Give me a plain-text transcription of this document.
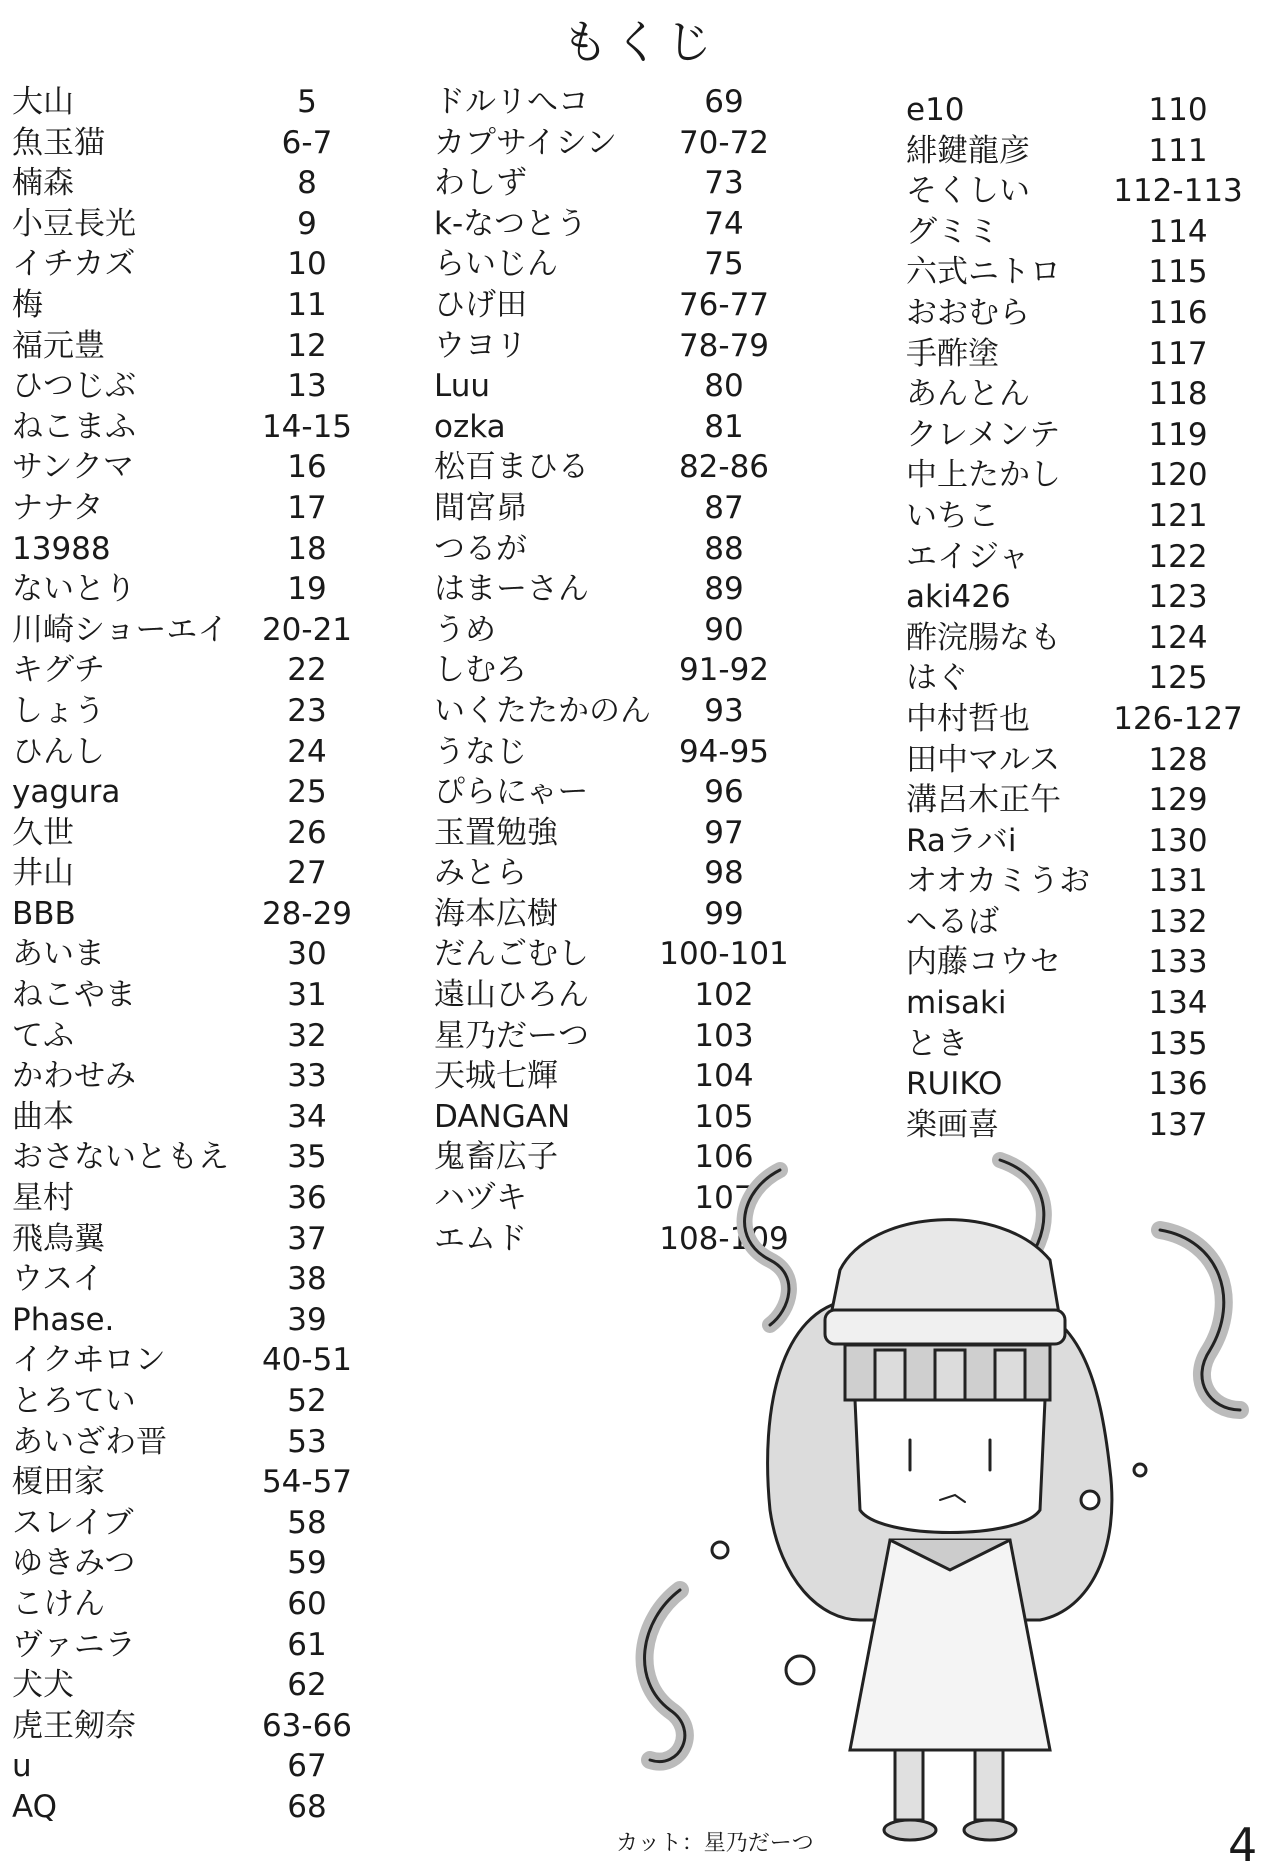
もくじ
大山	5
魚玉猫	6-7
楠森	8
小豆長光	9
イチカズ	10
梅	11
福元豊	12
ひつじぶ	13
ねこまふ	14-15
サンクマ	16
ナナタ	17
13988	18
ないとり	19
川崎ショーエイ 20-21
キグチ	22
しょう	23
ひんし	24
yagura	25
久世	26
井山	27
BBB	28-29
あいま	30
ねこやま	31
てふ	32
かわせみ	33
曲本	34
おさないともえ 35
星村	36
飛鳥翼	37
ウスイ	38
Phase.	39
イクヰロン	40-51
とろてい	52
あいざわ晋	53
榎田家	54-57
スレイブ	58
ゆきみつ	59
こけん	60
ヴァニラ	61
犬犬	62
虎王剱奈	63-66
u	67
AQ	68
ドルリへコ	69
カプサイシン 70-72
わしず	73
k-なつとう	74
らいじん	75
ひげ田	76-77
ウヨリ	78-79
Luu	80
ozka	81
松百まひる	82-86
間宮昴	87
つるが	88
はまーさん	89
うめ	90
しむろ	91-92
いくたたかのん 93
うなじ	94-95
ぴらにゃー	96
玉置勉強	97
みとら	98
海本広樹	99
だんごむし 100-101
遠山ひろん	102
星乃だーつ	103
天城七輝	104
DANGAN	105
鬼畜広子	106
ハヅキ	107
エムド	108-109
e10	110
緋鍵龍彦	111
そくしい	112-113
グミミ	114
六式ニトロ	115
おおむら	116
手酢塗	117
あんとん	118
クレメンテ	119
中上たかし	120
いちこ	121
エイジャ	122
aki426	123
酢浣腸なも	124
はぐ	125
中村哲也	126-127
田中マルス	128
溝呂木正午	129
Raラバi	130
オオカミうお 131
へるば	132
内藤コウセ	133
misaki	134
とき	135
RUIKO	136
楽画喜	137
カット：星乃だーつ	4
